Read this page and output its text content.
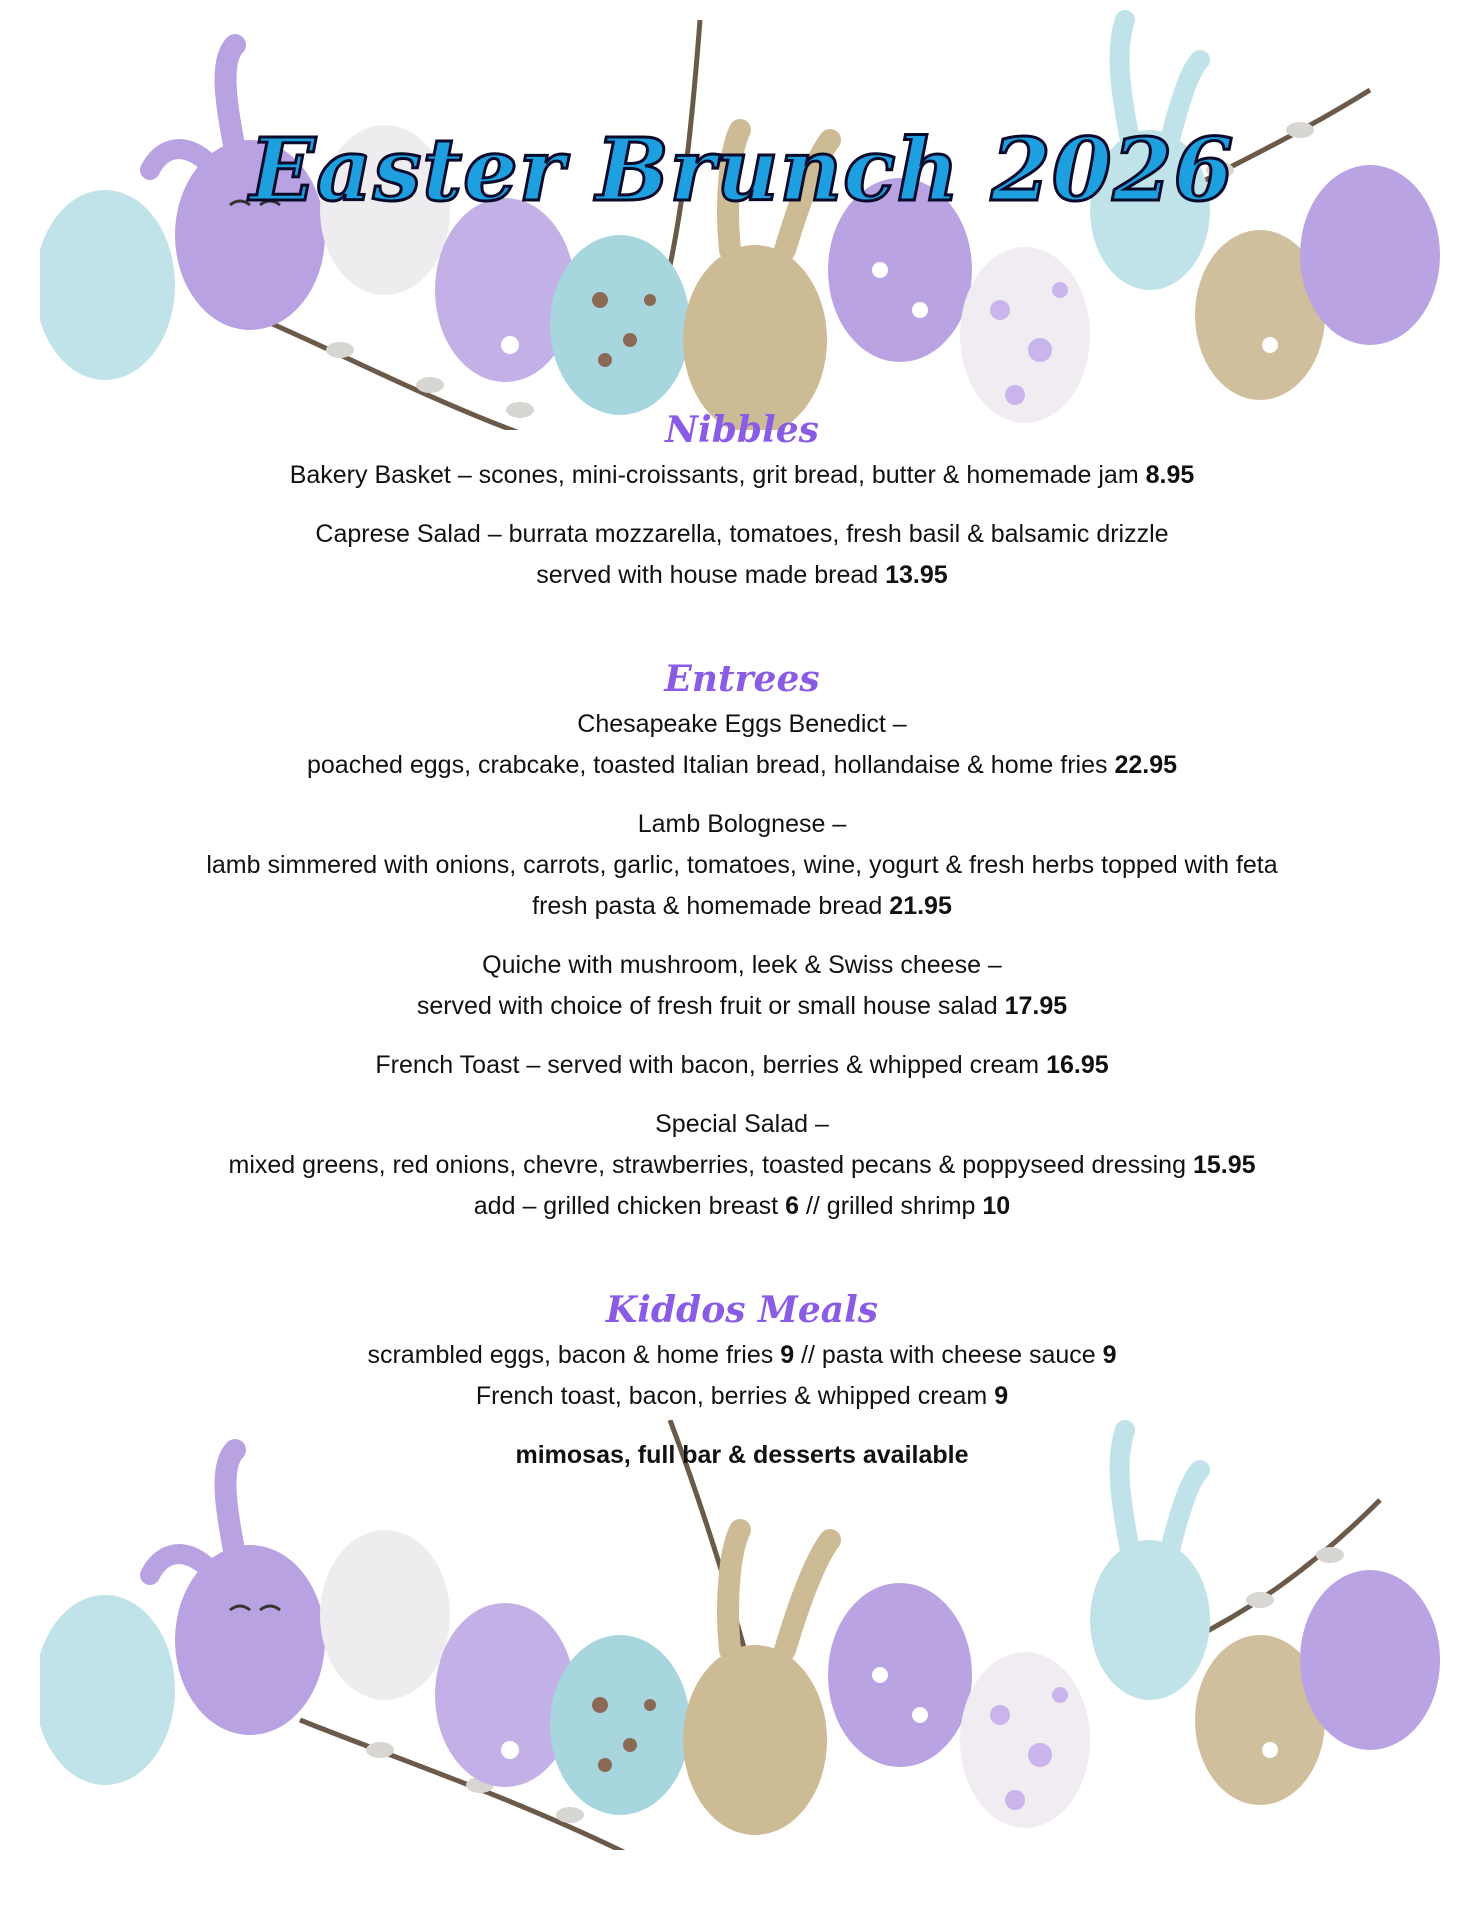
Easter Brunch 2026
Nibbles
Bakery Basket – scones, mini-croissants, grit bread, butter & homemade jam 8.95
Caprese Salad – burrata mozzarella, tomatoes, fresh basil & balsamic drizzle
served with house made bread 13.95
Entrees
Chesapeake Eggs Benedict –
poached eggs, crabcake, toasted Italian bread, hollandaise & home fries 22.95
Lamb Bolognese –
lamb simmered with onions, carrots, garlic, tomatoes, wine, yogurt & fresh herbs topped with feta
fresh pasta & homemade bread 21.95
Quiche with mushroom, leek & Swiss cheese –
served with choice of fresh fruit or small house salad 17.95
French Toast – served with bacon, berries & whipped cream 16.95
Special Salad –
mixed greens, red onions, chevre, strawberries, toasted pecans & poppyseed dressing 15.95
add – grilled chicken breast 6 // grilled shrimp 10
Kiddos Meals
scrambled eggs, bacon & home fries 9 // pasta with cheese sauce 9
French toast, bacon, berries & whipped cream 9
mimosas, full bar & desserts available
